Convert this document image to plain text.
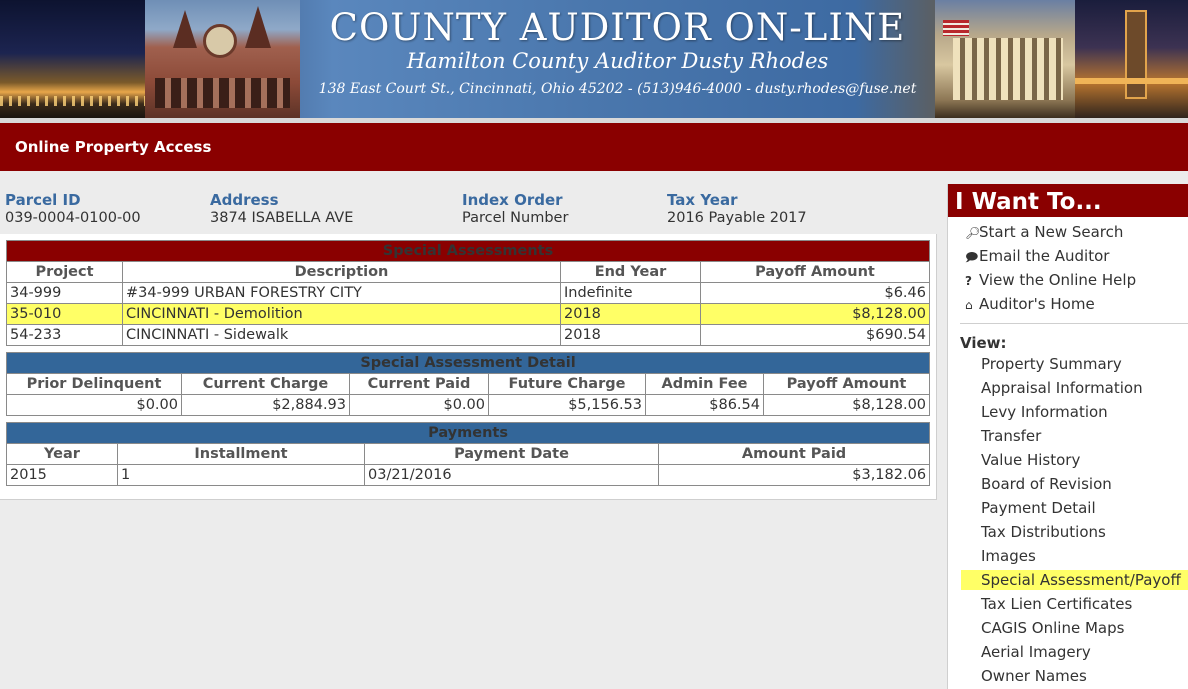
COUNTY AUDITOR ON-LINE
Hamilton County Auditor Dusty Rhodes
138 East Court St., Cincinnati, Ohio 45202 - (513)946-4000 - dusty.rhodes@fuse.net
Online Property Access
Parcel ID
039-0004-0100-00
Address
3874 ISABELLA AVE
Index Order
Parcel Number
Tax Year
2016 Payable 2017
Special Assessments			
Project	Description	End Year	Payoff Amount
34-999	#34-999 URBAN FORESTRY CITY	Indefinite	$6.46
35-010	CINCINNATI - Demolition	2018	$8,128.00
54-233	CINCINNATI - Sidewalk	2018	$690.54
Special Assessment Detail					
Prior Delinquent	Current Charge	Current Paid	Future Charge	Admin Fee	Payoff Amount
$0.00	$2,884.93	$0.00	$5,156.53	$86.54	$8,128.00
Payments			
Year	Installment	Payment Date	Amount Paid
2015	1	03/21/2016	$3,182.06
I Want To...
🔎︎Start a New Search
🗩︎Email the Auditor
? View the Online Help
⌂ Auditor's Home
View:
Property Summary
Appraisal Information
Levy Information
Transfer
Value History
Board of Revision
Payment Detail
Tax Distributions
Images
Special Assessment/Payoff
Tax Lien Certificates
CAGIS Online Maps
Aerial Imagery
Owner Names
